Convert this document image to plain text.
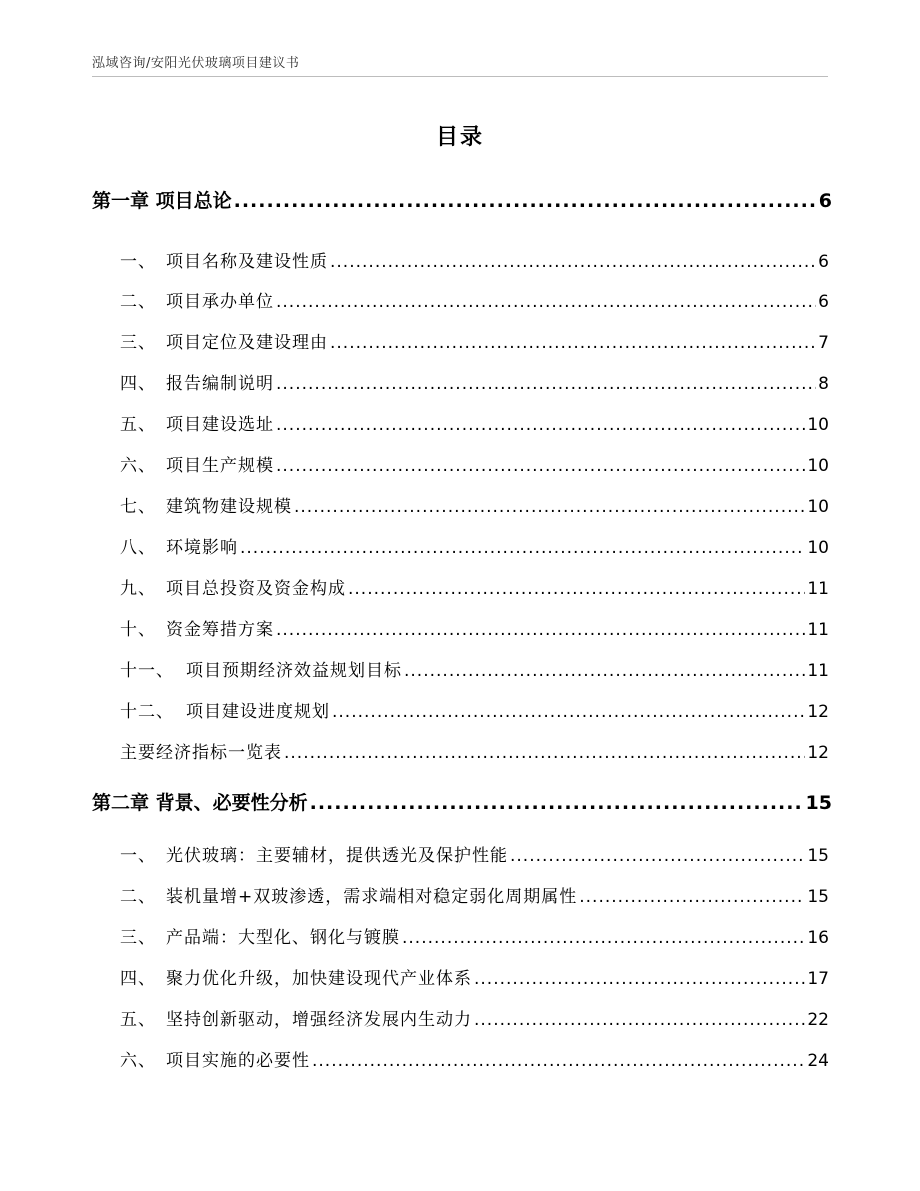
泓域咨询/安阳光伏玻璃项目建议书
目录
第一章 项目总论 .....	6
一、 项目名称及建设性质 .....	6
二、 项目承办单位 .....	6
三、 项目定位及建设理由 .....	7
四、 报告编制说明 .....	8
五、 项目建设选址 .....	10
六、 项目生产规模 .....	10
七、 建筑物建设规模 .....	10
八、 环境影响 .....	10
九、 项目总投资及资金构成 .....	11
十、 资金筹措方案 .....	11
十一、 项目预期经济效益规划目标 .....	11
十二、 项目建设进度规划 .....	12
主要经济指标一览表 .....	12
第二章 背景、必要性分析 .....	15
一、 光伏玻璃：主要辅材，提供透光及保护性能 .....	15
二、 装机量增+双玻渗透，需求端相对稳定弱化周期属性 .....	15
三、 产品端：大型化、钢化与镀膜 .....	16
四、 聚力优化升级，加快建设现代产业体系 .....	17
五、 坚持创新驱动，增强经济发展内生动力 .....	22
六、 项目实施的必要性 .....	24
